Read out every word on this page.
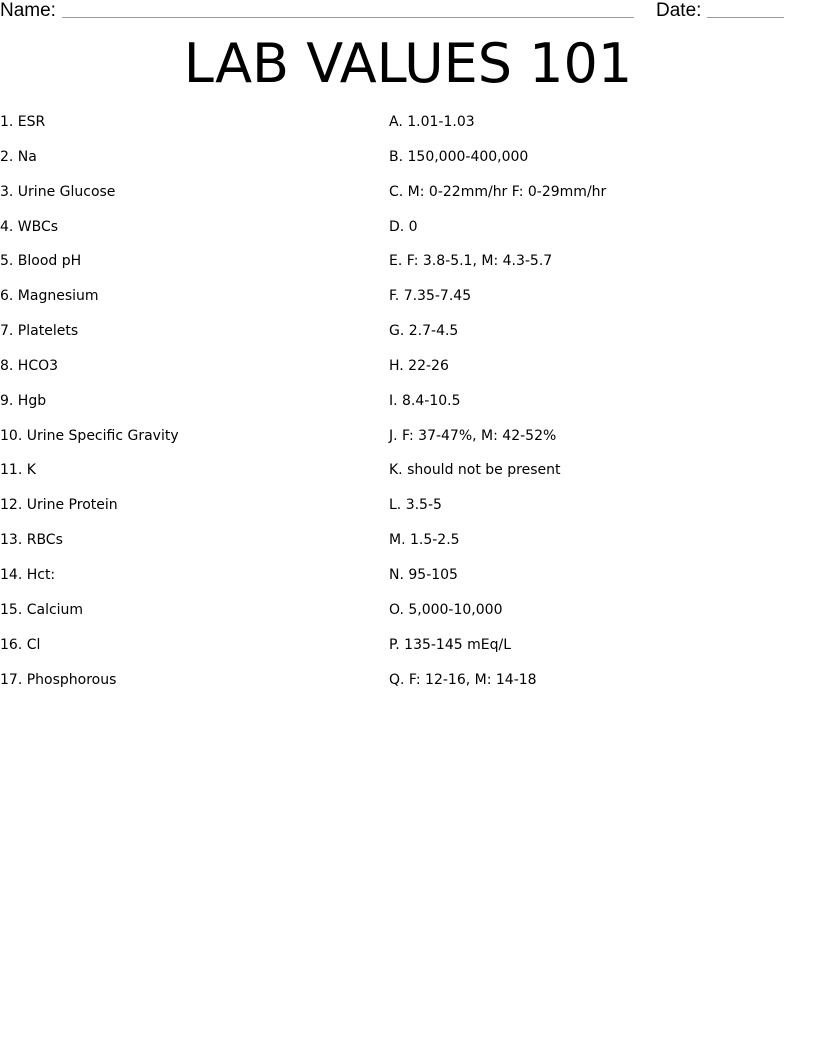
Name:	Date:
LAB VALUES 101
1. ESR
2. Na
3. Urine Glucose
4. WBCs
5. Blood pH
6. Magnesium
7. Platelets
8. HCO3
9. Hgb
10. Urine Specific Gravity
11. K
12. Urine Protein
13. RBCs
14. Hct:
15. Calcium
16. Cl
17. Phosphorous
A. 1.01-1.03
B. 150,000-400,000
C. M: 0-22mm/hr F: 0-29mm/hr
D. 0
E. F: 3.8-5.1, M: 4.3-5.7
F. 7.35-7.45
G. 2.7-4.5
H. 22-26
I. 8.4-10.5
J. F: 37-47%, M: 42-52%
K. should not be present
L. 3.5-5
M. 1.5-2.5
N. 95-105
O. 5,000-10,000
P. 135-145 mEq/L
Q. F: 12-16, M: 14-18
